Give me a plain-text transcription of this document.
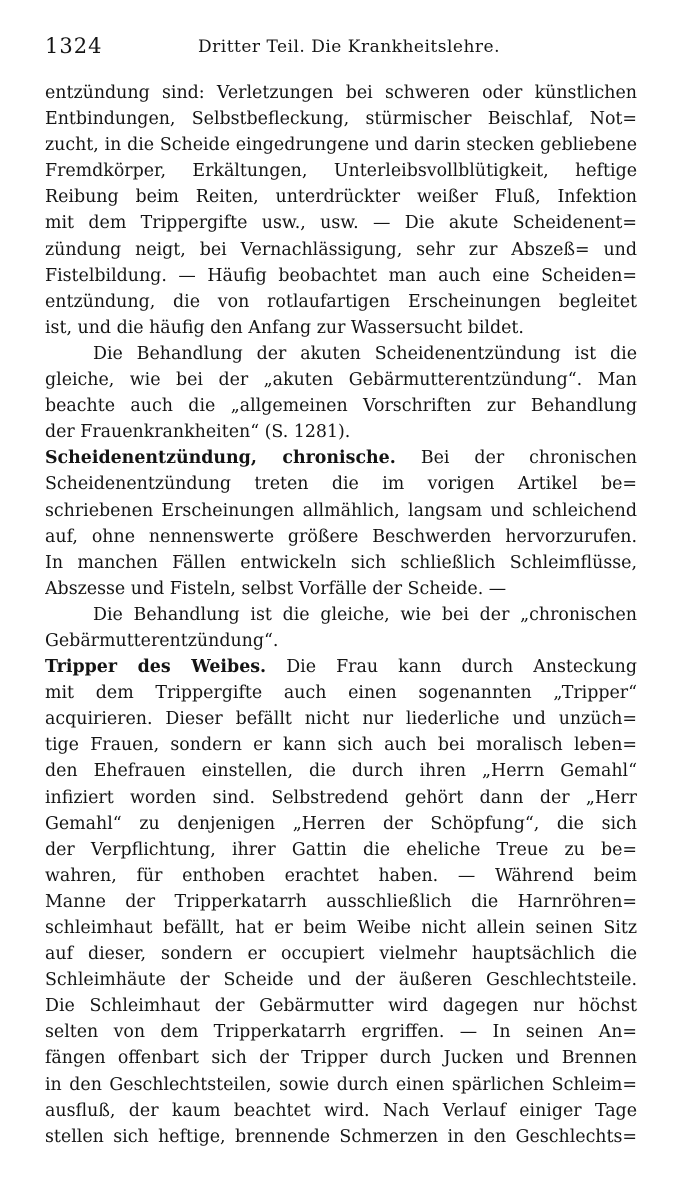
1324	Dritter Teil. Die Krankheitslehre.
entzündung sind: Verletzungen bei schweren oder künstlichen
Entbindungen, Selbstbefleckung, stürmischer Beischlaf, Not=
zucht, in die Scheide eingedrungene und darin stecken gebliebene
Fremdkörper, Erkältungen, Unterleibsvollblütigkeit, heftige
Reibung beim Reiten, unterdrückter weißer Fluß, Infektion
mit dem Trippergifte usw., usw. — Die akute Scheidenent=
zündung neigt, bei Vernachlässigung, sehr zur Abszeß= und
Fistelbildung. — Häufig beobachtet man auch eine Scheiden=
entzündung, die von rotlaufartigen Erscheinungen begleitet
ist, und die häufig den Anfang zur Wassersucht bildet.
Die Behandlung der akuten Scheidenentzündung ist die
gleiche, wie bei der „akuten Gebärmutterentzündung“. Man
beachte auch die „allgemeinen Vorschriften zur Behandlung
der Frauenkrankheiten“ (S. 1281).
Scheidenentzündung, chronische. Bei der chronischen
Scheidenentzündung treten die im vorigen Artikel be=
schriebenen Erscheinungen allmählich, langsam und schleichend
auf, ohne nennenswerte größere Beschwerden hervorzurufen.
In manchen Fällen entwickeln sich schließlich Schleimflüsse,
Abszesse und Fisteln, selbst Vorfälle der Scheide. —
Die Behandlung ist die gleiche, wie bei der „chronischen
Gebärmutterentzündung“.
Tripper des Weibes. Die Frau kann durch Ansteckung
mit dem Trippergifte auch einen sogenannten „Tripper“
acquirieren. Dieser befällt nicht nur liederliche und unzüch=
tige Frauen, sondern er kann sich auch bei moralisch leben=
den Ehefrauen einstellen, die durch ihren „Herrn Gemahl“
infiziert worden sind. Selbstredend gehört dann der „Herr
Gemahl“ zu denjenigen „Herren der Schöpfung“, die sich
der Verpflichtung, ihrer Gattin die eheliche Treue zu be=
wahren, für enthoben erachtet haben. — Während beim
Manne der Tripperkatarrh ausschließlich die Harnröhren=
schleimhaut befällt, hat er beim Weibe nicht allein seinen Sitz
auf dieser, sondern er occupiert vielmehr hauptsächlich die
Schleimhäute der Scheide und der äußeren Geschlechtsteile.
Die Schleimhaut der Gebärmutter wird dagegen nur höchst
selten von dem Tripperkatarrh ergriffen. — In seinen An=
fängen offenbart sich der Tripper durch Jucken und Brennen
in den Geschlechtsteilen, sowie durch einen spärlichen Schleim=
ausfluß, der kaum beachtet wird. Nach Verlauf einiger Tage
stellen sich heftige, brennende Schmerzen in den Geschlechts=
